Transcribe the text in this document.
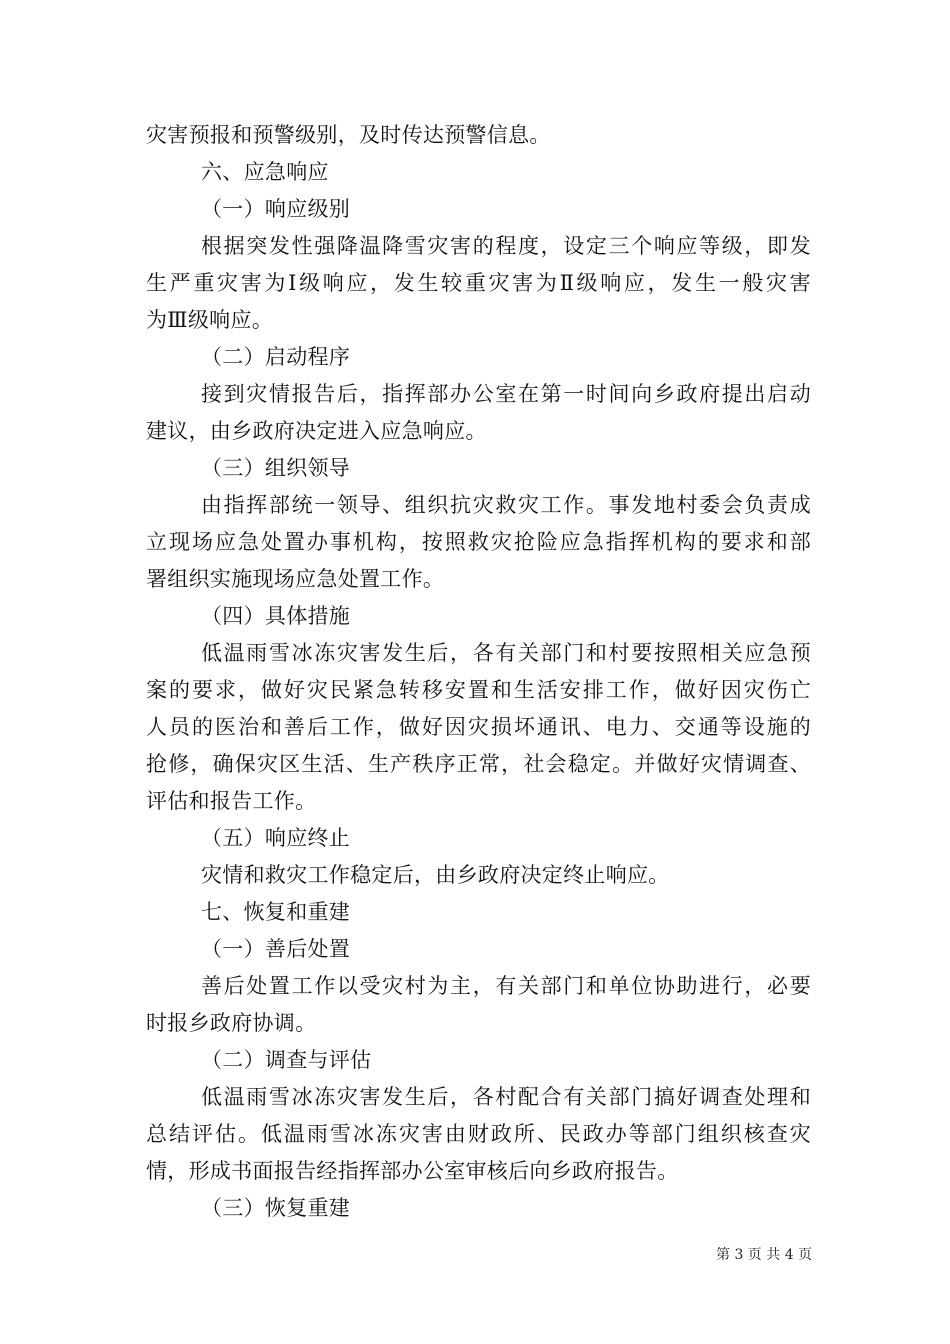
灾害预报和预警级别，及时传达预警信息。
六、应急响应
（一）响应级别
根据突发性强降温降雪灾害的程度，设定三个响应等级，即发
生严重灾害为Ⅰ级响应，发生较重灾害为Ⅱ级响应，发生一般灾害
为Ⅲ级响应。
（二）启动程序
接到灾情报告后，指挥部办公室在第一时间向乡政府提出启动
建议，由乡政府决定进入应急响应。
（三）组织领导
由指挥部统一领导、组织抗灾救灾工作。事发地村委会负责成
立现场应急处置办事机构，按照救灾抢险应急指挥机构的要求和部
署组织实施现场应急处置工作。
（四）具体措施
低温雨雪冰冻灾害发生后，各有关部门和村要按照相关应急预
案的要求，做好灾民紧急转移安置和生活安排工作，做好因灾伤亡
人员的医治和善后工作，做好因灾损坏通讯、电力、交通等设施的
抢修，确保灾区生活、生产秩序正常，社会稳定。并做好灾情调查、
评估和报告工作。
（五）响应终止
灾情和救灾工作稳定后，由乡政府决定终止响应。
七、恢复和重建
（一）善后处置
善后处置工作以受灾村为主，有关部门和单位协助进行，必要
时报乡政府协调。
（二）调查与评估
低温雨雪冰冻灾害发生后，各村配合有关部门搞好调查处理和
总结评估。低温雨雪冰冻灾害由财政所、民政办等部门组织核查灾
情，形成书面报告经指挥部办公室审核后向乡政府报告。
（三）恢复重建
第 3 页 共 4 页
